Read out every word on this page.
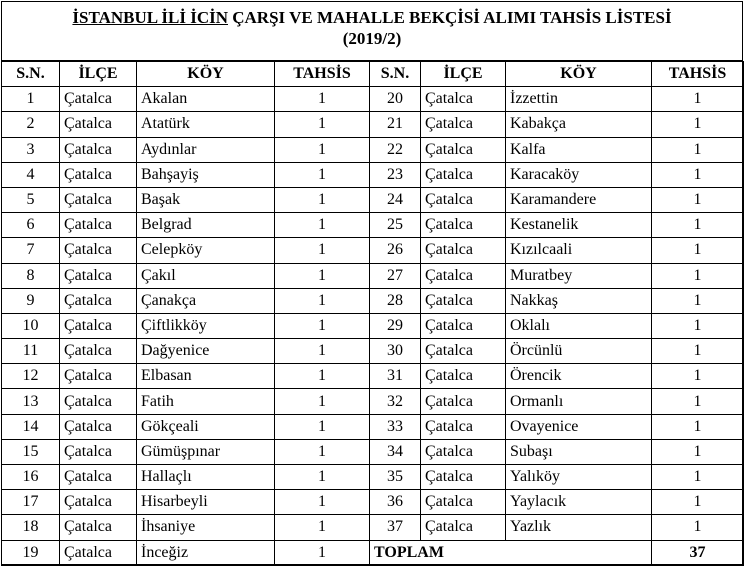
İSTANBUL İLİ İCİN ÇARŞI VE MAHALLE BEKÇİSİ ALIMI TAHSİS LİSTESİ
(2019/2)
S.N.	İLÇE	KÖY	TAHSİS	S.N.	İLÇE	KÖY	TAHSİS
1	Çatalca	Akalan	1	20	Çatalca	İzzettin	1
2	Çatalca	Atatürk	1	21	Çatalca	Kabakça	1
3	Çatalca	Aydınlar	1	22	Çatalca	Kalfa	1
4	Çatalca	Bahşayiş	1	23	Çatalca	Karacaköy	1
5	Çatalca	Başak	1	24	Çatalca	Karamandere	1
6	Çatalca	Belgrad	1	25	Çatalca	Kestanelik	1
7	Çatalca	Celepköy	1	26	Çatalca	Kızılcaali	1
8	Çatalca	Çakıl	1	27	Çatalca	Muratbey	1
9	Çatalca	Çanakça	1	28	Çatalca	Nakkaş	1
10	Çatalca	Çiftlikköy	1	29	Çatalca	Oklalı	1
11	Çatalca	Dağyenice	1	30	Çatalca	Örcünlü	1
12	Çatalca	Elbasan	1	31	Çatalca	Örencik	1
13	Çatalca	Fatih	1	32	Çatalca	Ormanlı	1
14	Çatalca	Gökçeali	1	33	Çatalca	Ovayenice	1
15	Çatalca	Gümüşpınar	1	34	Çatalca	Subaşı	1
16	Çatalca	Hallaçlı	1	35	Çatalca	Yalıköy	1
17	Çatalca	Hisarbeyli	1	36	Çatalca	Yaylacık	1
18	Çatalca	İhsaniye	1	37	Çatalca	Yazlık	1
19	Çatalca	İnceğiz	1	TOPLAM			37
